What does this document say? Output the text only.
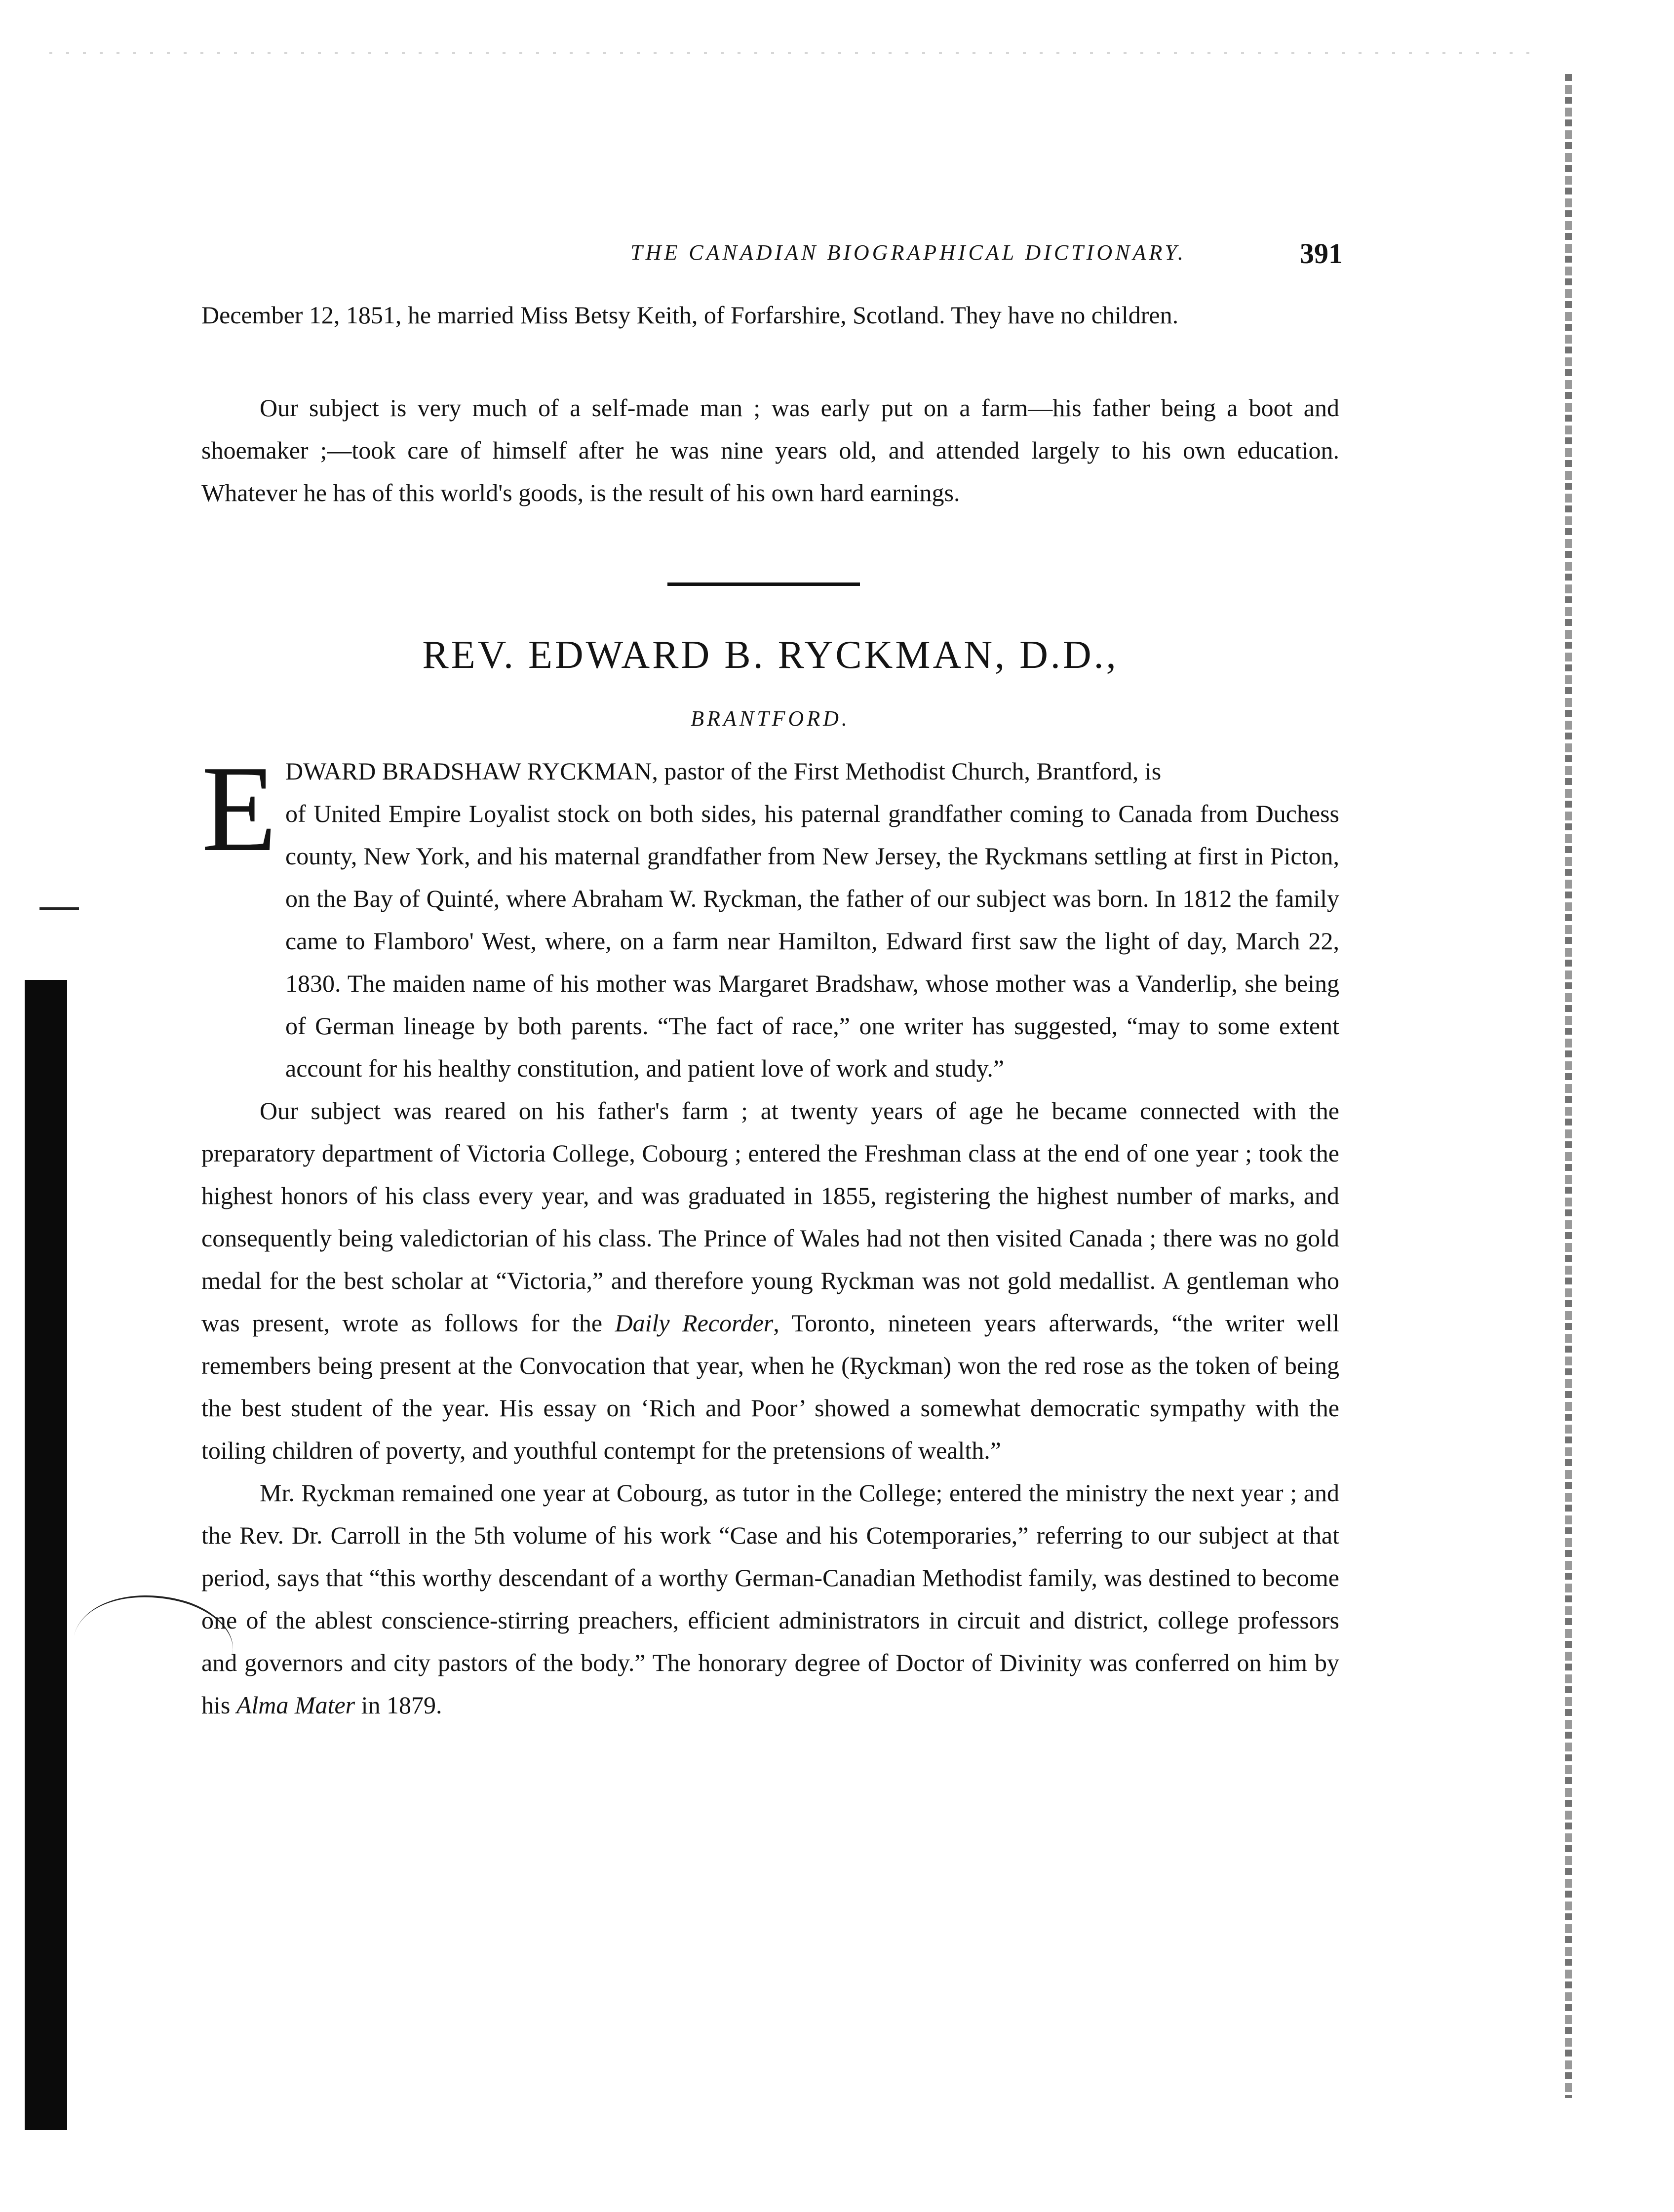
THE CANADIAN BIOGRAPHICAL DICTIONARY.	391

December 12, 1851, he married Miss Betsy Keith, of Forfarshire, Scotland. They have no children.

Our subject is very much of a self-made man ; was early put on a farm—his father being a boot and shoemaker ;—took care of himself after he was nine years old, and attended largely to his own education. Whatever he has of this world's goods, is the result of his own hard earnings.

REV. EDWARD B. RYCKMAN, D.D.,
BRANTFORD.
E DWARD BRADSHAW RYCKMAN, pastor of the First Methodist Church, Brantford, is

of United Empire Loyalist stock on both sides, his paternal grandfather coming to Canada from Duchess county, New York, and his maternal grandfather from New Jersey, the Ryckmans settling at first in Picton, on the Bay of Quinté, where Abraham W. Ryckman, the father of our subject was born. In 1812 the family came to Flamboro' West, where, on a farm near Hamilton, Edward first saw the light of day, March 22, 1830. The maiden name of his mother was Margaret Bradshaw, whose mother was a Vanderlip, she being of German lineage by both parents. “The fact of race,” one writer has suggested, “may to some extent account for his healthy constitution, and patient love of work and study.”

Our subject was reared on his father's farm ; at twenty years of age he became connected with the preparatory department of Victoria College, Cobourg ; entered the Freshman class at the end of one year ; took the highest honors of his class every year, and was graduated in 1855, registering the highest number of marks, and consequently being valedictorian of his class. The Prince of Wales had not then visited Canada ; there was no gold medal for the best scholar at “Victoria,” and therefore young Ryckman was not gold medallist. A gentleman who was present, wrote as follows for the Daily Recorder, Toronto, nineteen years afterwards, “the writer well remembers being present at the Convocation that year, when he (Ryckman) won the red rose as the token of being the best student of the year. His essay on ‘Rich and Poor’ showed a somewhat democratic sympathy with the toiling children of poverty, and youthful contempt for the pretensions of wealth.”

Mr. Ryckman remained one year at Cobourg, as tutor in the College; entered the ministry the next year ; and the Rev. Dr. Carroll in the 5th volume of his work “Case and his Cotemporaries,” referring to our subject at that period, says that “this worthy descendant of a worthy German-Canadian Methodist family, was destined to become one of the ablest conscience-stirring preachers, efficient administrators in circuit and district, college professors and governors and city pastors of the body.” The honorary degree of Doctor of Divinity was conferred on him by his Alma Mater in 1879.
